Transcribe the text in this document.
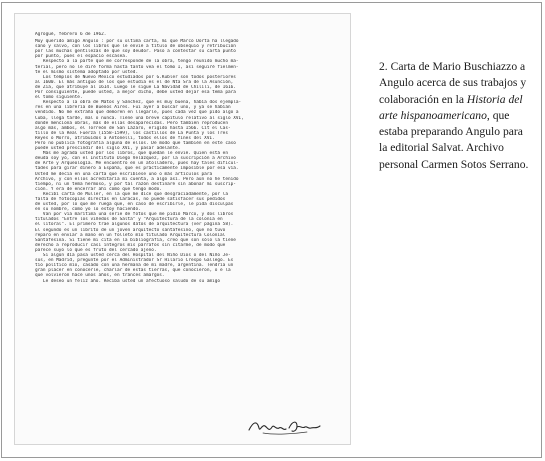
Agrogué, febrero 6 de 1962.
Muy querido amigo Angulo : por su última carta, mi que Marco Dorta ha llegado
sano y salvo, con los libros que le envié a título de obsequio y retribución
por las muchas gentilezas de que soy deudor. Paso a contestar su carta punto
por punto, pues el espacio escasea.
Respecto a la parte que me corresponde de la obra, tengo reunido mucho ma-
terial, pero no le diré forma hasta tanto vea el tomo I, así seguiré fielmen-
te el mismo sistema adoptado por usted.
Los templos de Nuevo México estudiados por G.Kubler son todos posteriores
al 1600. El más antiguo de los que estudia es el de Nta Sra de la Asunción,
de Zia, que atribuye al 1614. Luego le sigue La Navidad de Chilili, de 1616.
Por consiguiente, puede usted, a mejor dicho, debe usted dejar esa tema para
el tomo siguiente.
Respecto a la obra de Matos y Sánchez, que es muy buena, había dos ejempla-
res en una librería de Buenos Aires. Fui ayer a buscar uno, y ya se habían
vendido. No me extraña que demoren en llegarle, pues cada vez que pido algo a
Cuba, llega tarde, mal o nunca. Tiene una breve capítulo relativo al siglo XVI,
donde menciona obras, más de ellas desaparecidas. Pero también reproducen
algo más, ambos, el Torreón de San Lázaro, erigido hasta 1566. Cít el Cas-
tillo de la Real Fuerza (1558-1599), los castillos de La Punta y los Tres
Reyes o Morro, atribuidos a Antonelli, todos ellos de fines del XVI.
Pero no publica fotografía alguna de ellos. De modo que también en este caso
puede usted prescindir del siglo XVI, y pasar adelante.
Más me agrada usted por los libros, que quedan le envié. Quien está en
deuda soy yo, con el Instituto Diego Velázquez, por la suscripción a Archivo
de Arte y Arqueología. Me encuentro en un atolladero, pues hay tales dificul-
tades para girar dinero a España, que es prácticamente imposible por esa vía.
Usted me decía en una carta que escribiese uno o más artículos para
Archivo, y con ellos acreditaría mi cuenta, a algo así. Pero aún no he tenido
tiempo, ni un tema hermoso, y por tal razón destinaré sin abonar mi suscrip-
ción. Y era de encerrar ahí como que tengo modo.
Recibí carta de Müller, en la que me dice que desgraciadamente, por la
falta de fotocopias directas en Caracas, no puede satisfacer sus pedidos
de usted, por lo que me ruega que, en caso de escribirle, le pida disculpas
en su nombre, como yo lo estoy haciendo.
Van por vía marítima una serie de fotos que me pidió Marco, y dos libros
titulados "Entre los viñedos de Salta" y "Arquitectura de la colonia en
el litoral". El primero trae algunos datos de arquitectura (ver página 58).
El segundo es un librito de un joven arquitecto santafesino, que no tuvo
reparo en enviar a mano en un folleto mío titulado Arquitectura Colonial
Santafesina. Si tiene mi cita en la bibliografía, creo que son sólo la tiene
derecho a reproducir casi íntegros mis párrafos sin citarme, de modo que
parece suyo lo que es fruto del cercado ajeno.
Si algún día pasa usted cerca del Hospital del Niño Dios o del Niño Je-
sús, en Madrid, pregunte por el Administrador Sr Hilario Crespo Gallego. Es
tío político mío, casado con una hermana de mi madre, argentina. Tendría un
gran placer en conocerle, charlar de estas tierras, que conocieron, o e la
que volvieron hace unos años, en trances amargos.
Le deseo un feliz año. Reciba usted un afectuoso saludo de su amigo
2. Carta de Mario Buschiazzo a Angulo acerca de sus trabajos y colaboración en la Historia del arte hispanoamericano, que estaba preparando Angulo para la editorial Salvat. Archivo personal Carmen Sotos Serrano.
